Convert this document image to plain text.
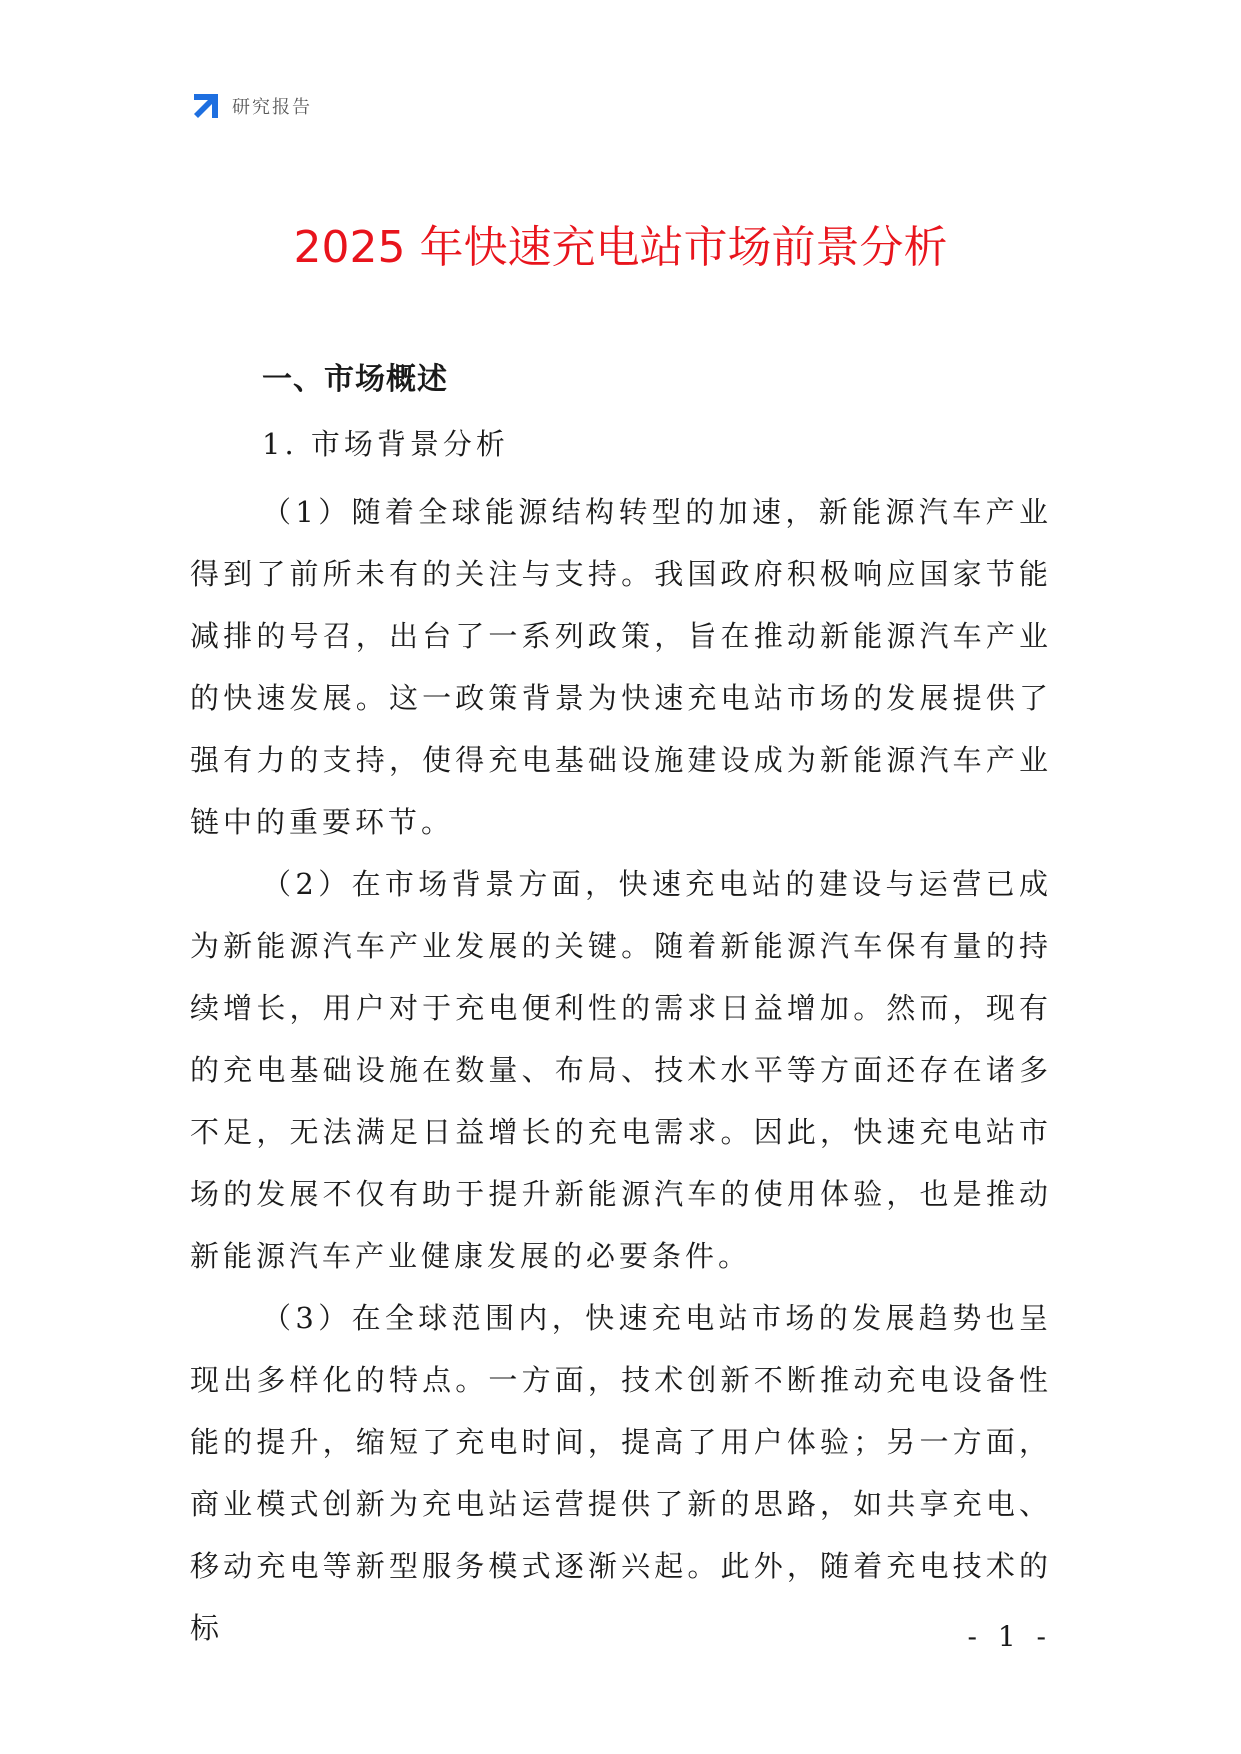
研究报告
2025 年快速充电站市场前景分析
一、市场概述
1. 市场背景分析

（1）随着全球能源结构转型的加速，新能源汽车产业得到了前所未有的关注与支持。我国政府积极响应国家节能减排的号召，出台了一系列政策，旨在推动新能源汽车产业的快速发展。这一政策背景为快速充电站市场的发展提供了强有力的支持，使得充电基础设施建设成为新能源汽车产业链中的重要环节。

（2）在市场背景方面，快速充电站的建设与运营已成为新能源汽车产业发展的关键。随着新能源汽车保有量的持续增长，用户对于充电便利性的需求日益增加。然而，现有的充电基础设施在数量、布局、技术水平等方面还存在诸多不足，无法满足日益增长的充电需求。因此，快速充电站市场的发展不仅有助于提升新能源汽车的使用体验，也是推动新能源汽车产业健康发展的必要条件。

（3）在全球范围内，快速充电站市场的发展趋势也呈现出多样化的特点。一方面，技术创新不断推动充电设备性能的提升，缩短了充电时间，提高了用户体验；另一方面，商业模式创新为充电站运营提供了新的思路，如共享充电、移动充电等新型服务模式逐渐兴起。此外，随着充电技术的标	- 1 -
